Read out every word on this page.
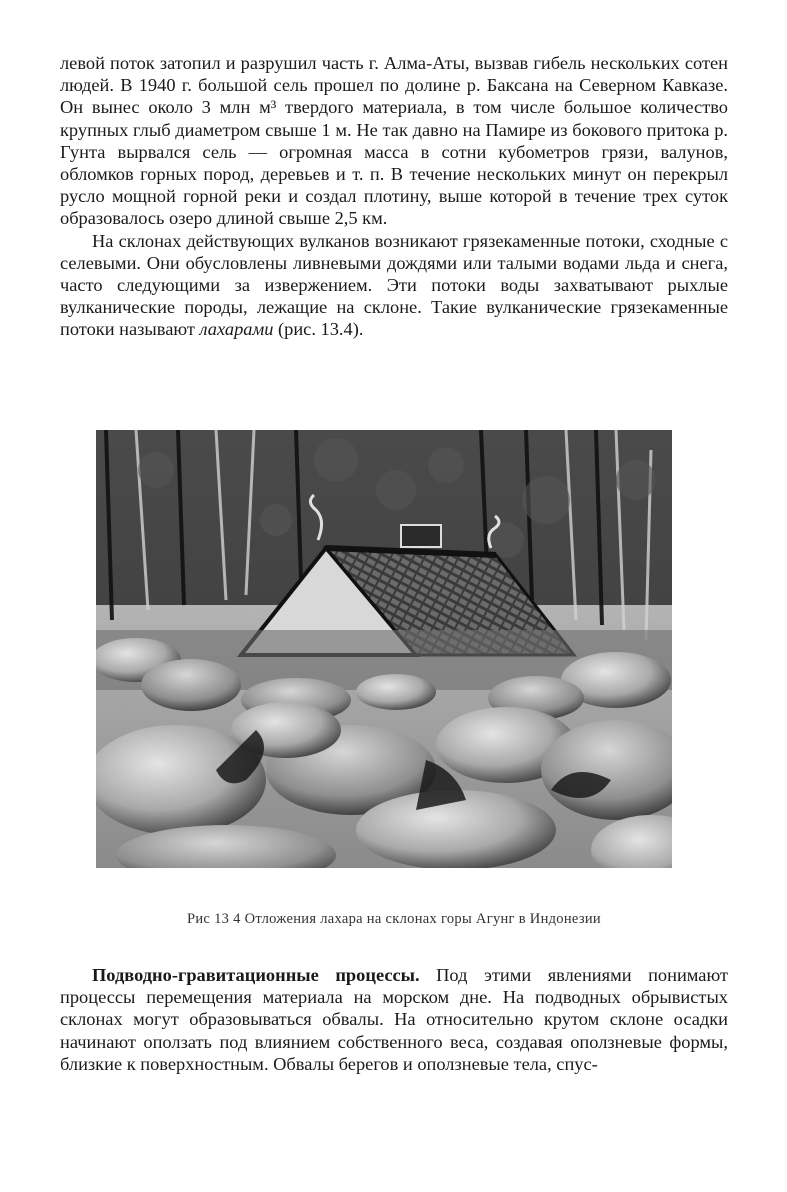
левой поток затопил и разрушил часть г. Алма-Аты, вызвав гибель нескольких сотен людей. В 1940 г. большой сель прошел по долине р. Баксана на Северном Кавказе. Он вынес около 3 млн м³ твердого материала, в том числе большое количество крупных глыб диаметром свыше 1 м. Не так давно на Памире из бокового притока р. Гунта вырвался сель — огромная масса в сотни кубометров грязи, валунов, обломков горных пород, деревьев и т. п. В течение нескольких минут он перекрыл русло мощной горной реки и создал плотину, выше которой в течение трех суток образовалось озеро длиной свыше 2,5 км.

На склонах действующих вулканов возникают грязекаменные потоки, сходные с селевыми. Они обусловлены ливневыми дождями или талыми водами льда и снега, часто следующими за извержением. Эти потоки воды захватывают рыхлые вулканические породы, лежащие на склоне. Такие вулканические грязекаменные потоки называют лахарами (рис. 13.4).

Рис 13 4 Отложения лахара на склонах горы Агунг в Индонезии

Подводно-гравитационные процессы. Под этими явлениями понимают процессы перемещения материала на морском дне. На подводных обрывистых склонах могут образовываться обвалы. На относительно крутом склоне осадки начинают оползать под влиянием собственного веса, создавая оползневые формы, близкие к поверхностным. Обвалы берегов и оползневые тела, спус-
